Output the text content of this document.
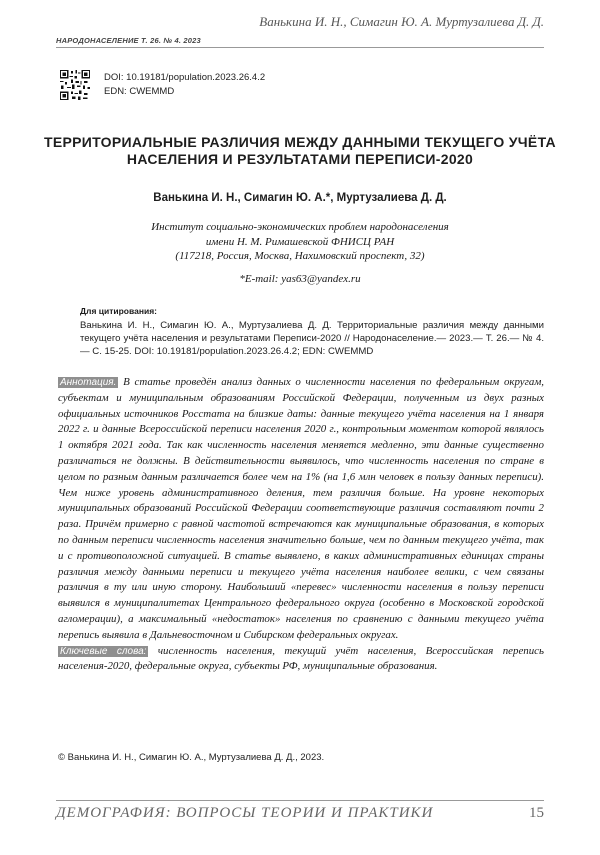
НАРОДОНАСЕЛЕНИЕ Т. 26. № 4. 2023
Ванькина И. Н., Симагин Ю. А. Муртузалиева Д. Д.
DOI: 10.19181/population.2023.26.4.2
EDN: CWEMMD
ТЕРРИТОРИАЛЬНЫЕ РАЗЛИЧИЯ МЕЖДУ ДАННЫМИ ТЕКУЩЕГО УЧЁТА НАСЕЛЕНИЯ И РЕЗУЛЬТАТАМИ ПЕРЕПИСИ-2020
Ванькина И. Н., Симагин Ю. А.*, Муртузалиева Д. Д.
Институт социально-экономических проблем народонаселения
имени Н. М. Римашевской ФНИСЦ РАН
(117218, Россия, Москва, Нахимовский проспект, 32)
*E-mail: yas63@yandex.ru
Для цитирования:
Ванькина И. Н., Симагин Ю. А., Муртузалиева Д. Д. Территориальные различия между данными текущего учёта населения и результатами Переписи-2020 // Народонаселение.— 2023.— Т. 26.— № 4.— С. 15-25. DOI: 10.19181/population.2023.26.4.2; EDN: CWEMMD
Аннотация. В статье проведён анализ данных о численности населения по федеральным округам, субъектам и муниципальным образованиям Российской Федерации, полученным из двух разных официальных источников Росстата на близкие даты: данные текущего учёта населения на 1 января 2022 г. и данные Всероссийской переписи населения 2020 г., контрольным моментом которой являлось 1 октября 2021 года. Так как численность населения меняется медленно, эти данные существенно различаться не должны. В действительности выявилось, что численность населения по стране в целом по разным данным различается более чем на 1% (на 1,6 млн человек в пользу данных переписи). Чем ниже уровень административного деления, тем различия больше. На уровне некоторых муниципальных образований Российской Федерации соответствующие различия составляют почти 2 раза. Причём примерно с равной частотой встречаются как муниципальные образования, в которых по данным переписи численность населения значительно больше, чем по данным текущего учёта, так и с противоположной ситуацией. В статье выявлено, в каких административных единицах страны различия между данными переписи и текущего учёта населения наиболее велики, с чем связаны различия в ту или иную сторону. Наибольший «перевес» численности населения в пользу переписи выявился в муниципалитетах Центрального федерального округа (особенно в Московской городской агломерации), а максимальный «недостаток» населения по сравнению с данными текущего учёта перепись выявила в Дальневосточном и Сибирском федеральных округах.
Ключевые слова: численность населения, текущий учёт населения, Всероссийская перепись населения-2020, федеральные округа, субъекты РФ, муниципальные образования.
© Ванькина И. Н., Симагин Ю. А., Муртузалиева Д. Д., 2023.
ДЕМОГРАФИЯ: ВОПРОСЫ ТЕОРИИ И ПРАКТИКИ	15
